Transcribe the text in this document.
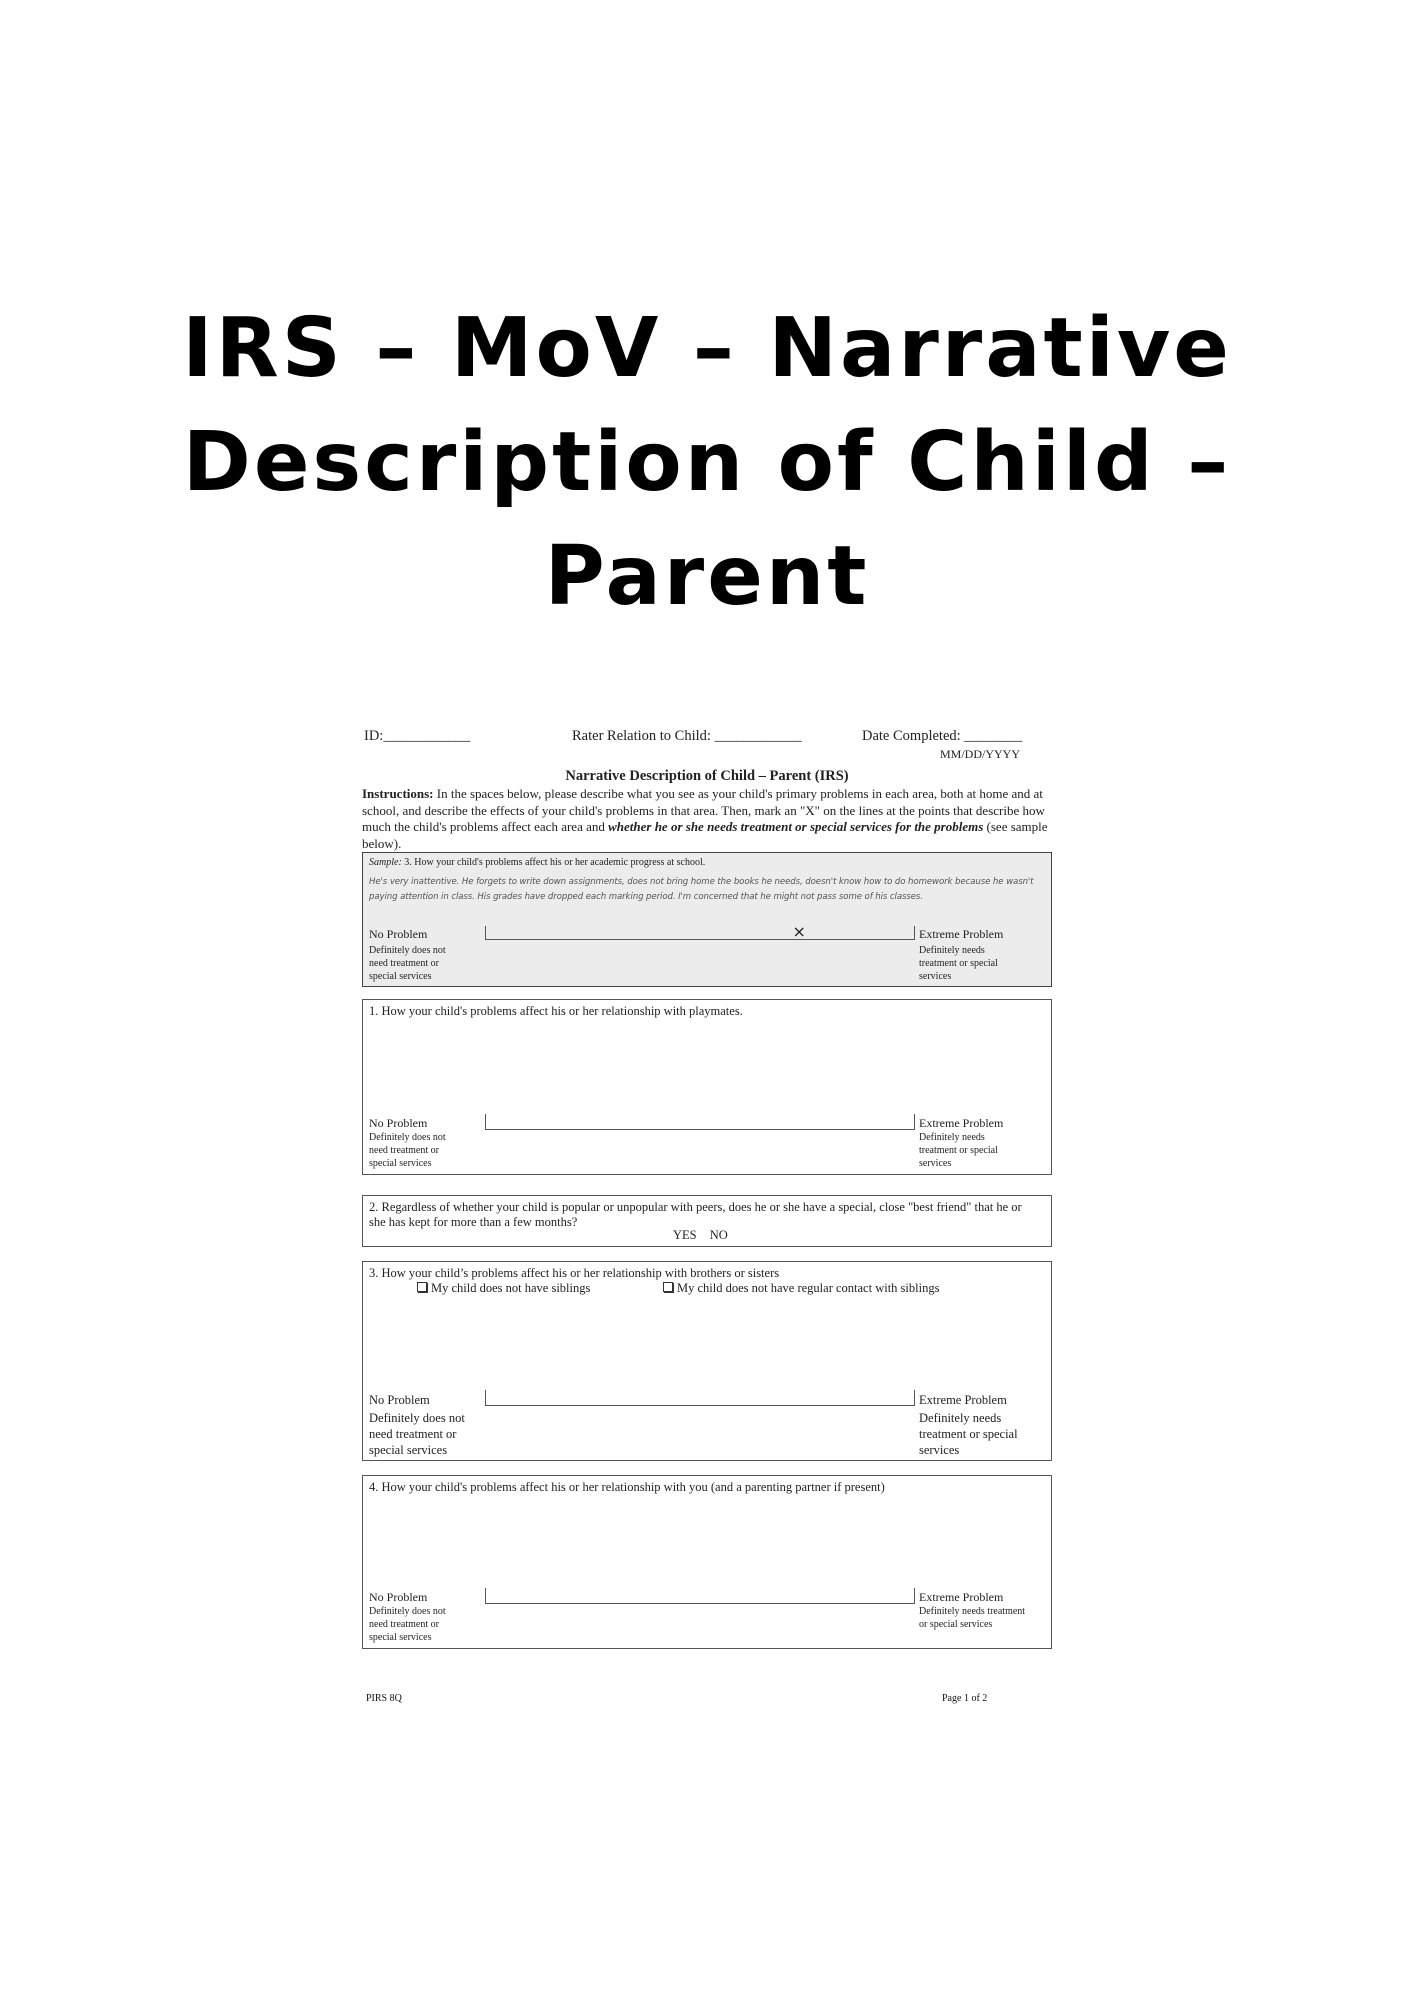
IRS – MoV – Narrative
Description of Child –
Parent
ID:____________	Rater Relation to Child: ____________	Date Completed: ________
MM/DD/YYYY
Narrative Description of Child – Parent (IRS)
Instructions: In the spaces below, please describe what you see as your child's primary problems in each area, both at home and at school, and describe the effects of your child's problems in that area. Then, mark an "X" on the lines at the points that describe how much the child's problems affect each area and whether he or she needs treatment or special services for the problems (see sample below).
Sample: 3. How your child's problems affect his or her academic progress at school.
He's very inattentive. He forgets to write down assignments, does not bring home the books he needs, doesn't know how to do homework because he wasn't paying attention in class. His grades have dropped each marking period. I'm concerned that he might not pass some of his classes.
No Problem
Definitely does not
need treatment or
special services
×	Extreme Problem
Definitely needs
treatment or special
services
1. How your child's problems affect his or her relationship with playmates.
No Problem
Definitely does not
need treatment or
special services
Extreme Problem
Definitely needs
treatment or special
services
2. Regardless of whether your child is popular or unpopular with peers, does he or she have a special, close "best friend" that he or she has kept for more than a few months?
YES NO
3. How your child’s problems affect his or her relationship with brothers or sisters
My child does not have siblings	My child does not have regular contact with siblings
No Problem
Definitely does not
need treatment or
special services
Extreme Problem
Definitely needs
treatment or special
services
4. How your child's problems affect his or her relationship with you (and a parenting partner if present)
No Problem
Definitely does not
need treatment or
special services
Extreme Problem
Definitely needs treatment
or special services
PIRS 8Q	Page 1 of 2
